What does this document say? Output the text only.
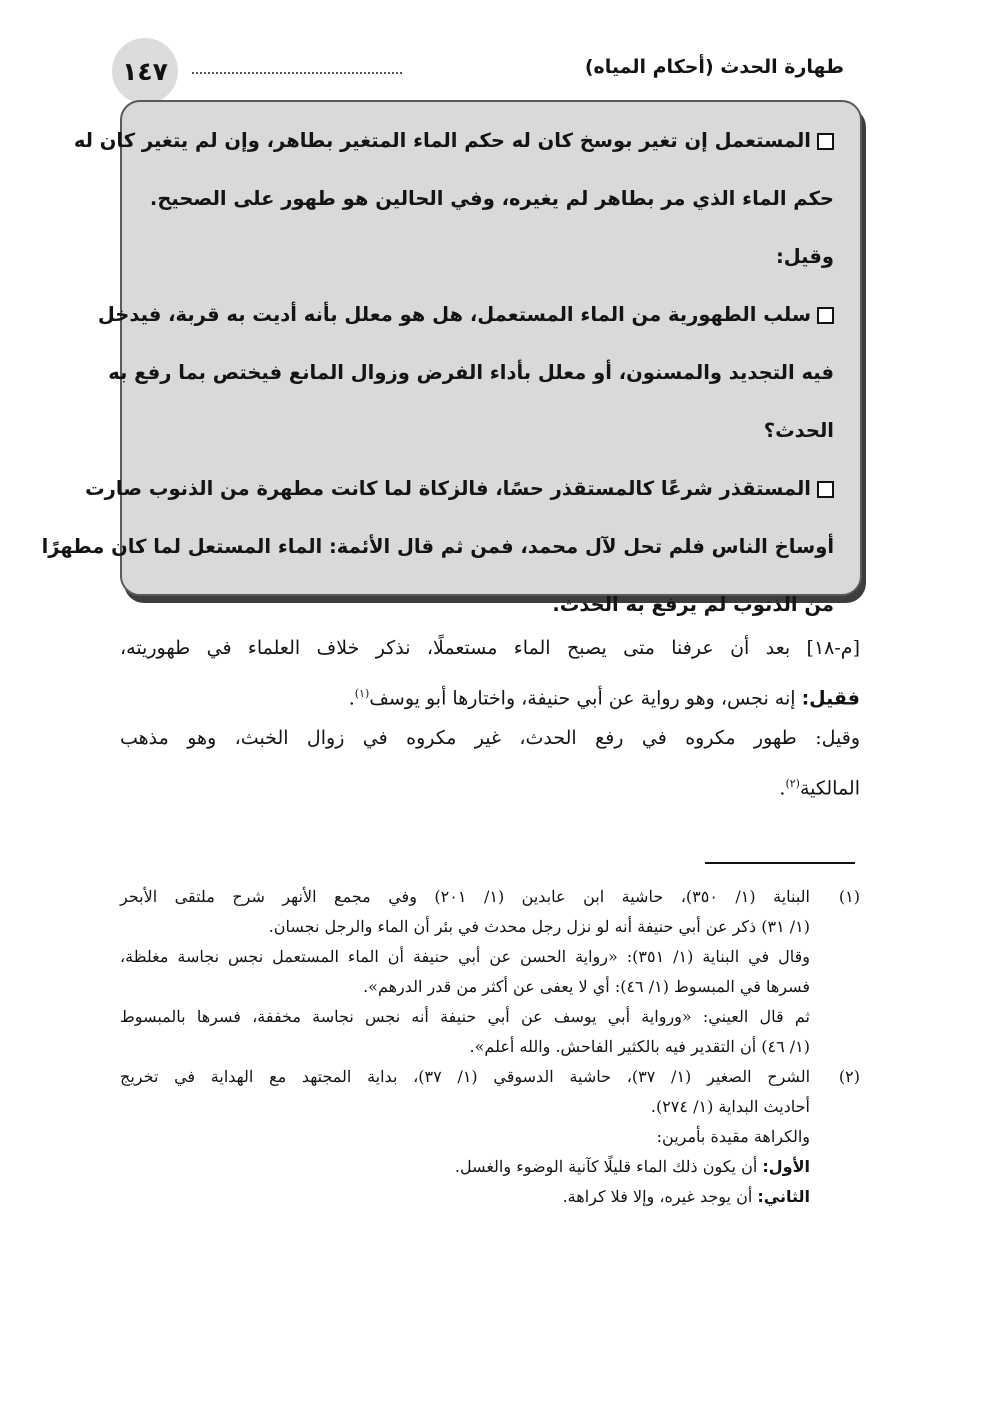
١٤٧	طهارة الحدث (أحكام المياه)
المستعمل إن تغير بوسخ كان له حكم الماء المتغير بطاهر، وإن لم يتغير كان له
حكم الماء الذي مر بطاهر لم يغيره، وفي الحالين هو طهور على الصحيح.
وقيل:
سلب الطهورية من الماء المستعمل، هل هو معلل بأنه أديت به قربة، فيدخل
فيه التجديد والمسنون، أو معلل بأداء الفرض وزوال المانع فيختص بما رفع به
الحدث؟
المستقذر شرعًا كالمستقذر حسًا، فالزكاة لما كانت مطهرة من الذنوب صارت
أوساخ الناس فلم تحل لآل محمد، فمن ثم قال الأئمة: الماء المستعل لما كان مطهرًا
من الذنوب لم يرفع به الحدث.
[م-١٨] بعد أن عرفنا متى يصبح الماء مستعملًا، نذكر خلاف العلماء في طهوريته،
فقيل: إنه نجس، وهو رواية عن أبي حنيفة، واختارها أبو يوسف$^{(١)}$.
وقيل: طهور مكروه في رفع الحدث، غير مكروه في زوال الخبث، وهو مذهب
المالكية$^{(٢)}$.
(١)
البناية (١/ ٣٥٠)، حاشية ابن عابدين (١/ ٢٠١) وفي مجمع الأنهر شرح ملتقى الأبحر
(١/ ٣١) ذكر عن أبي حنيفة أنه لو نزل رجل محدث في بئر أن الماء والرجل نجسان.
وقال في البناية (١/ ٣٥١): «رواية الحسن عن أبي حنيفة أن الماء المستعمل نجس نجاسة مغلظة،
فسرها في المبسوط (١/ ٤٦): أي لا يعفى عن أكثر من قدر الدرهم».
ثم قال العيني: «ورواية أبي يوسف عن أبي حنيفة أنه نجس نجاسة مخففة، فسرها بالمبسوط
(١/ ٤٦) أن التقدير فيه بالكثير الفاحش. والله أعلم».
(٢)
الشرح الصغير (١/ ٣٧)، حاشية الدسوقي (١/ ٣٧)، بداية المجتهد مع الهداية في تخريج
أحاديث البداية (١/ ٢٧٤).
والكراهة مقيدة بأمرين:
الأول: أن يكون ذلك الماء قليلًا كآنية الوضوء والغسل.
الثاني: أن يوجد غيره، وإلا فلا كراهة.
